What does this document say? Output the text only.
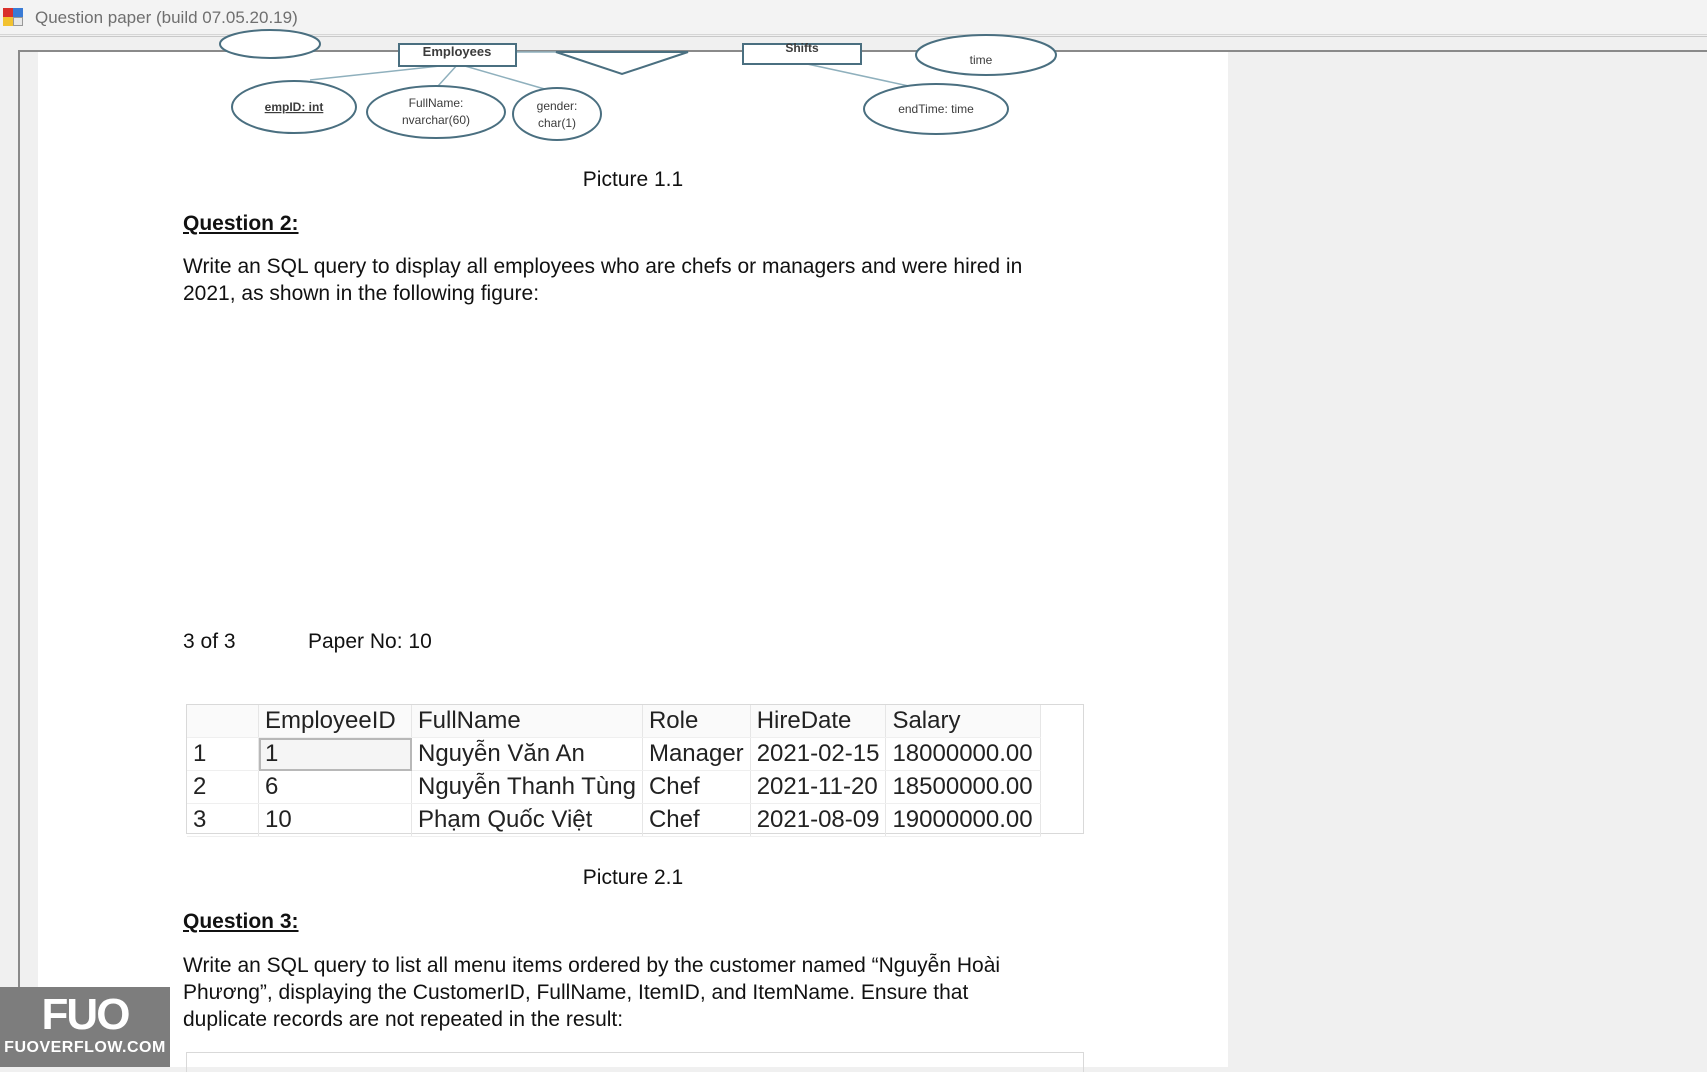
Question paper (build 07.05.20.19)
Employees	Shifts
time
empID: int	FullName:
nvarchar(60)
gender:
char(1)
endTime: time
Picture 1.1
Question 2:
Write an SQL query to display all employees who are chefs or managers and were hired in
2021, as shown in the following figure:
3 of 3	Paper No: 10
	EmployeeID	FullName	Role	HireDate	Salary
1	1	Nguyễn Văn An	Manager	2021-02-15	18000000.00
2	6	Nguyễn Thanh Tùng	Chef	2021-11-20	18500000.00
3	10	Phạm Quốc Việt	Chef	2021-08-09	19000000.00
Picture 2.1
Question 3:
Write an SQL query to list all menu items ordered by the customer named “Nguyễn Hoài
Phương”, displaying the CustomerID, FullName, ItemID, and ItemName. Ensure that
duplicate records are not repeated in the result:
FUO
FUOVERFLOW.COM
